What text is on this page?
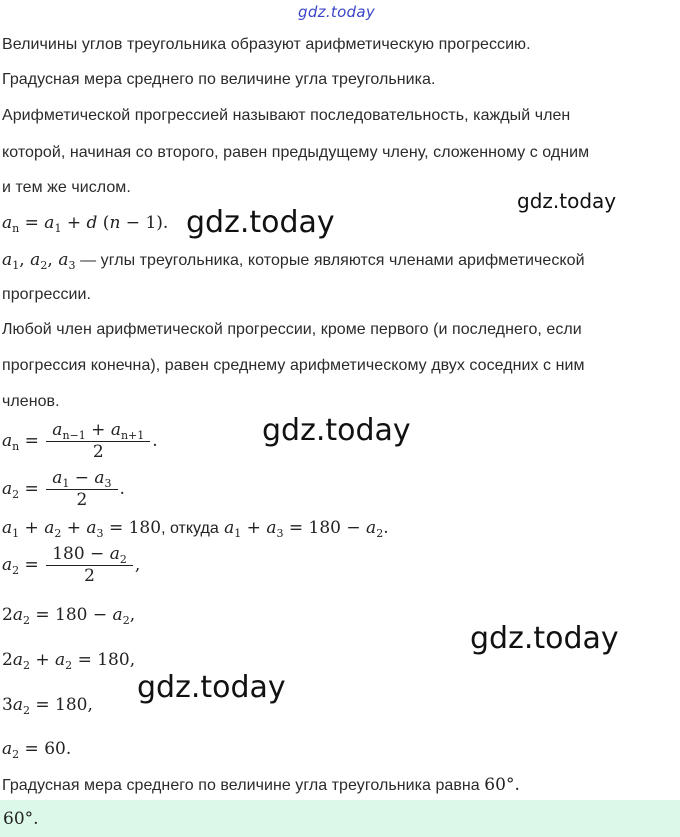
gdz.today
Величины углов треугольника образуют арифметическую прогрессию.
Градусная мера среднего по величине угла треугольника.
Арифметической прогрессией называют последовательность, каждый член
которой, начиная со второго, равен предыдущему члену, сложенному с одним
и тем же числом.
$a_n = a_1 + d$ (n − 1).
$a_1$, $a_2$, $a_3$ — углы треугольника, которые являются членами арифметической
прогрессии.
Любой член арифметической прогрессии, кроме первого (и последнего, если
прогрессия конечна), равен среднему арифметическому двух соседних с ним
членов.
$a_n = \frac{a_{n-1} + a_{n+1}}{2}$ .
$a_2 = \frac{a_1 - a_3}{2}$ .
$a_1 + a_2 + a_3 = 180$, откуда $a_1 + a_3 = 180 - a_2$.
$a_2 = \frac{180 - a_2}{2}$ ,
$2a_2 = 180 - a_2$,
$2a_2 + a_2 = 180$,
$3a_2 = 180$,
$a_2 = 60$.
Градусная мера среднего по величине угла треугольника равна 60°.
60°.
gdz.today
gdz.today
gdz.today
gdz.today
gdz.today
